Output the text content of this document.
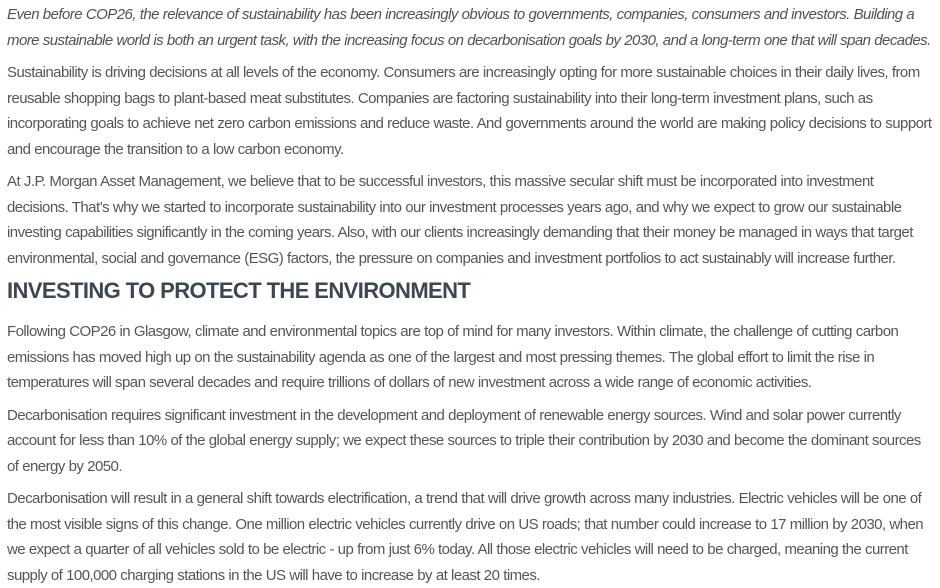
Even before COP26, the relevance of sustainability has been increasingly obvious to governments, companies, consumers and investors. Building a more sustainable world is both an urgent task, with the increasing focus on decarbonisation goals by 2030, and a long-term one that will span decades.

Sustainability is driving decisions at all levels of the economy. Consumers are increasingly opting for more sustainable choices in their daily lives, from reusable shopping bags to plant-based meat substitutes. Companies are factoring sustainability into their long-term investment plans, such as incorporating goals to achieve net zero carbon emissions and reduce waste. And governments around the world are making policy decisions to support and encourage the transition to a low carbon economy.

At J.P. Morgan Asset Management, we believe that to be successful investors, this massive secular shift must be incorporated into investment decisions. That’s why we started to incorporate sustainability into our investment processes years ago, and why we expect to grow our sustainable investing capabilities significantly in the coming years. Also, with our clients increasingly demanding that their money be managed in ways that target environmental, social and governance (ESG) factors, the pressure on companies and investment portfolios to act sustainably will increase further.

INVESTING TO PROTECT THE ENVIRONMENT

Following COP26 in Glasgow, climate and environmental topics are top of mind for many investors. Within climate, the challenge of cutting carbon emissions has moved high up on the sustainability agenda as one of the largest and most pressing themes. The global effort to limit the rise in temperatures will span several decades and require trillions of dollars of new investment across a wide range of economic activities.

Decarbonisation requires significant investment in the development and deployment of renewable energy sources. Wind and solar power currently account for less than 10% of the global energy supply; we expect these sources to triple their contribution by 2030 and become the dominant sources of energy by 2050.

Decarbonisation will result in a general shift towards electrification, a trend that will drive growth across many industries. Electric vehicles will be one of the most visible signs of this change. One million electric vehicles currently drive on US roads; that number could increase to 17 million by 2030, when we expect a quarter of all vehicles sold to be electric - up from just 6% today. All those electric vehicles will need to be charged, meaning the current supply of 100,000 charging stations in the US will have to increase by at least 20 times.
